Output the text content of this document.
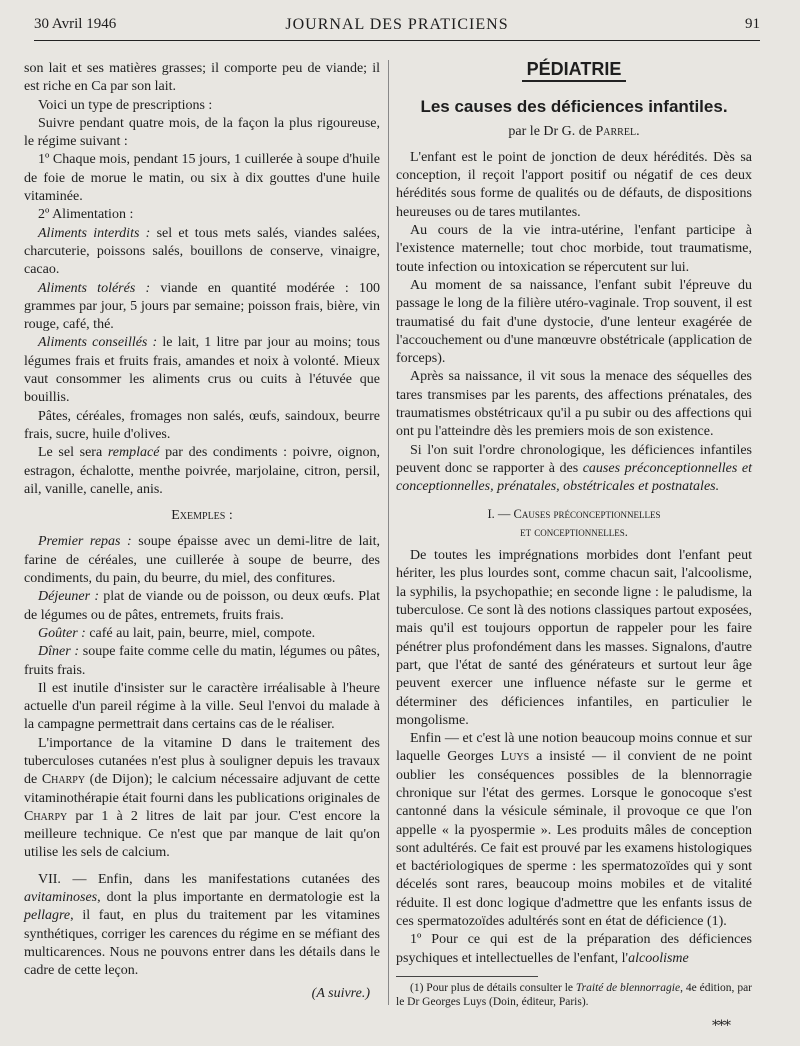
30 Avril 1946	JOURNAL DES PRATICIENS	91

son lait et ses matières grasses; il comporte peu de viande; il est riche en Ca par son lait.

Voici un type de prescriptions :

Suivre pendant quatre mois, de la façon la plus rigoureuse, le régime suivant :

1º Chaque mois, pendant 15 jours, 1 cuillerée à soupe d'huile de foie de morue le matin, ou six à dix gouttes d'une huile vitaminée.

2º Alimentation :

Aliments interdits : sel et tous mets salés, viandes salées, charcuterie, poissons salés, bouillons de conserve, vinaigre, cacao.

Aliments tolérés : viande en quantité modérée : 100 grammes par jour, 5 jours par semaine; poisson frais, bière, vin rouge, café, thé.

Aliments conseillés : le lait, 1 litre par jour au moins; tous légumes frais et fruits frais, amandes et noix à volonté. Mieux vaut consommer les aliments crus ou cuits à l'étuvée que bouillis.

Pâtes, céréales, fromages non salés, œufs, saindoux, beurre frais, sucre, huile d'olives.

Le sel sera remplacé par des condiments : poivre, oignon, estragon, échalotte, menthe poivrée, marjolaine, citron, persil, ail, vanille, canelle, anis.

Exemples :

Premier repas : soupe épaisse avec un demi-litre de lait, farine de céréales, une cuillerée à soupe de beurre, des condiments, du pain, du beurre, du miel, des confitures.

Déjeuner : plat de viande ou de poisson, ou deux œufs. Plat de légumes ou de pâtes, entremets, fruits frais.

Goûter : café au lait, pain, beurre, miel, compote.

Dîner : soupe faite comme celle du matin, légumes ou pâtes, fruits frais.

Il est inutile d'insister sur le caractère irréalisable à l'heure actuelle d'un pareil régime à la ville. Seul l'envoi du malade à la campagne permettrait dans certains cas de le réaliser.

L'importance de la vitamine D dans le traitement des tuberculoses cutanées n'est plus à souligner depuis les travaux de Charpy (de Dijon); le calcium nécessaire adjuvant de cette vitaminothérapie était fourni dans les publications originales de Charpy par 1 à 2 litres de lait par jour. C'est encore la meilleure technique. Ce n'est que par manque de lait qu'on utilise les sels de calcium.

VII. — Enfin, dans les manifestations cutanées des avitaminoses, dont la plus importante en dermatologie est la pellagre, il faut, en plus du traitement par les vitamines synthétiques, corriger les carences du régime en se méfiant des multicarences. Nous ne pouvons entrer dans les détails dans le cadre de cette leçon.

(A suivre.)

PÉDIATRIE
Les causes des déficiences infantiles.

par le Dr G. de Parrel.

L'enfant est le point de jonction de deux hérédités. Dès sa conception, il reçoit l'apport positif ou négatif de ces deux hérédités sous forme de qualités ou de défauts, de dispositions heureuses ou de tares mutilantes.

Au cours de la vie intra-utérine, l'enfant participe à l'existence maternelle; tout choc morbide, tout traumatisme, toute infection ou intoxication se répercutent sur lui.

Au moment de sa naissance, l'enfant subit l'épreuve du passage le long de la filière utéro-vaginale. Trop souvent, il est traumatisé du fait d'une dystocie, d'une lenteur exagérée de l'accouchement ou d'une manœuvre obstétricale (application de forceps).

Après sa naissance, il vit sous la menace des séquelles des tares transmises par les parents, des affections prénatales, des traumatismes obstétricaux qu'il a pu subir ou des affections qui ont pu l'atteindre dès les premiers mois de son existence.

Si l'on suit l'ordre chronologique, les déficiences infantiles peuvent donc se rapporter à des causes préconceptionnelles et conceptionnelles, prénatales, obstétricales et postnatales.

I. — Causes préconceptionnelles

et conceptionnelles.

De toutes les imprégnations morbides dont l'enfant peut hériter, les plus lourdes sont, comme chacun sait, l'alcoolisme, la syphilis, la psychopathie; en seconde ligne : le paludisme, la tuberculose. Ce sont là des notions classiques partout exposées, mais qu'il est toujours opportun de rappeler pour les faire pénétrer plus profondément dans les masses. Signalons, d'autre part, que l'état de santé des générateurs et surtout leur âge peuvent exercer une influence néfaste sur le germe et déterminer des déficiences infantiles, en particulier le mongolisme.

Enfin — et c'est là une notion beaucoup moins connue et sur laquelle Georges Luys a insisté — il convient de ne point oublier les conséquences possibles de la blennorragie chronique sur l'état des germes. Lorsque le gonocoque s'est cantonné dans la vésicule séminale, il provoque ce que l'on appelle « la pyospermie ». Les produits mâles de conception sont adultérés. Ce fait est prouvé par les examens histologiques et bactériologiques de sperme : les spermatozoïdes qui y sont décelés sont rares, beaucoup moins mobiles et de vitalité réduite. Il est donc logique d'admettre que les enfants issus de ces spermatozoïdes adultérés sont en état de déficience (1).

1º Pour ce qui est de la préparation des déficiences psychiques et intellectuelles de l'enfant, l'alcoolisme

(1) Pour plus de détails consulter le Traité de blennorragie, 4e édition, par le Dr Georges Luys (Doin, éditeur, Paris).

***
